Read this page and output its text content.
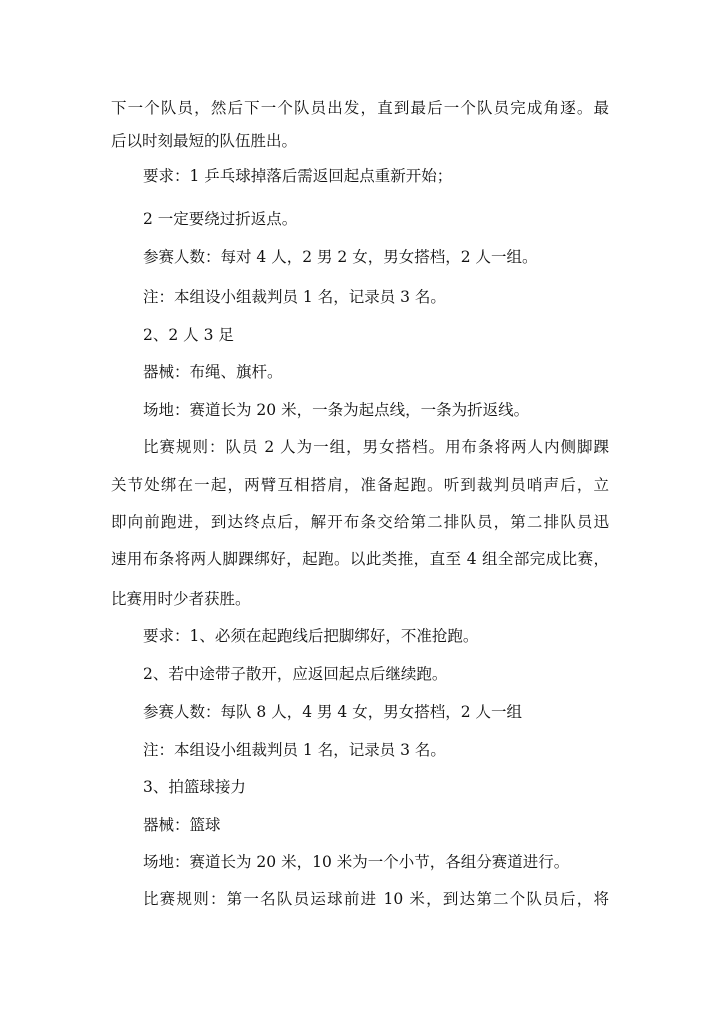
下一个队员，然后下一个队员出发，直到最后一个队员完成角逐。最

后以时刻最短的队伍胜出。

要求：1 乒乓球掉落后需返回起点重新开始；

2 一定要绕过折返点。

参赛人数：每对 4 人，2 男 2 女，男女搭档，2 人一组。

注：本组设小组裁判员 1 名，记录员 3 名。

2、2 人 3 足

器械：布绳、旗杆。

场地：赛道长为 20 米，一条为起点线，一条为折返线。

比赛规则：队员 2 人为一组，男女搭档。用布条将两人内侧脚踝

关节处绑在一起，两臂互相搭肩，准备起跑。听到裁判员哨声后，立

即向前跑进，到达终点后，解开布条交给第二排队员，第二排队员迅

速用布条将两人脚踝绑好，起跑。以此类推，直至 4 组全部完成比赛，

比赛用时少者获胜。

要求：1、必须在起跑线后把脚绑好，不准抢跑。

2、若中途带子散开，应返回起点后继续跑。

参赛人数：每队 8 人，4 男 4 女，男女搭档，2 人一组

注：本组设小组裁判员 1 名，记录员 3 名。

3、拍篮球接力

器械：篮球

场地：赛道长为 20 米，10 米为一个小节，各组分赛道进行。

比赛规则：第一名队员运球前进 10 米，到达第二个队员后，将
